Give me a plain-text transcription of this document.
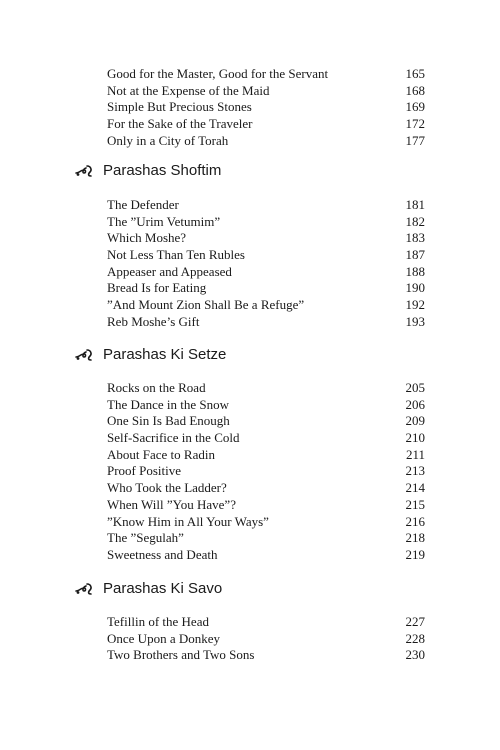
Good for the Master, Good for the Servant	165
Not at the Expense of the Maid	168
Simple But Precious Stones	169
For the Sake of the Traveler	172
Only in a City of Torah	177
Parashas Shoftim
The Defender	181
The ”Urim Vetumim”	182
Which Moshe?	183
Not Less Than Ten Rubles	187
Appeaser and Appeased	188
Bread Is for Eating	190
”And Mount Zion Shall Be a Refuge”	192
Reb Moshe’s Gift	193
Parashas Ki Setze
Rocks on the Road	205
The Dance in the Snow	206
One Sin Is Bad Enough	209
Self-Sacrifice in the Cold	210
About Face to Radin	211
Proof Positive	213
Who Took the Ladder?	214
When Will ”You Have”?	215
”Know Him in All Your Ways”	216
The ”Segulah”	218
Sweetness and Death	219
Parashas Ki Savo
Tefillin of the Head	227
Once Upon a Donkey	228
Two Brothers and Two Sons	230
